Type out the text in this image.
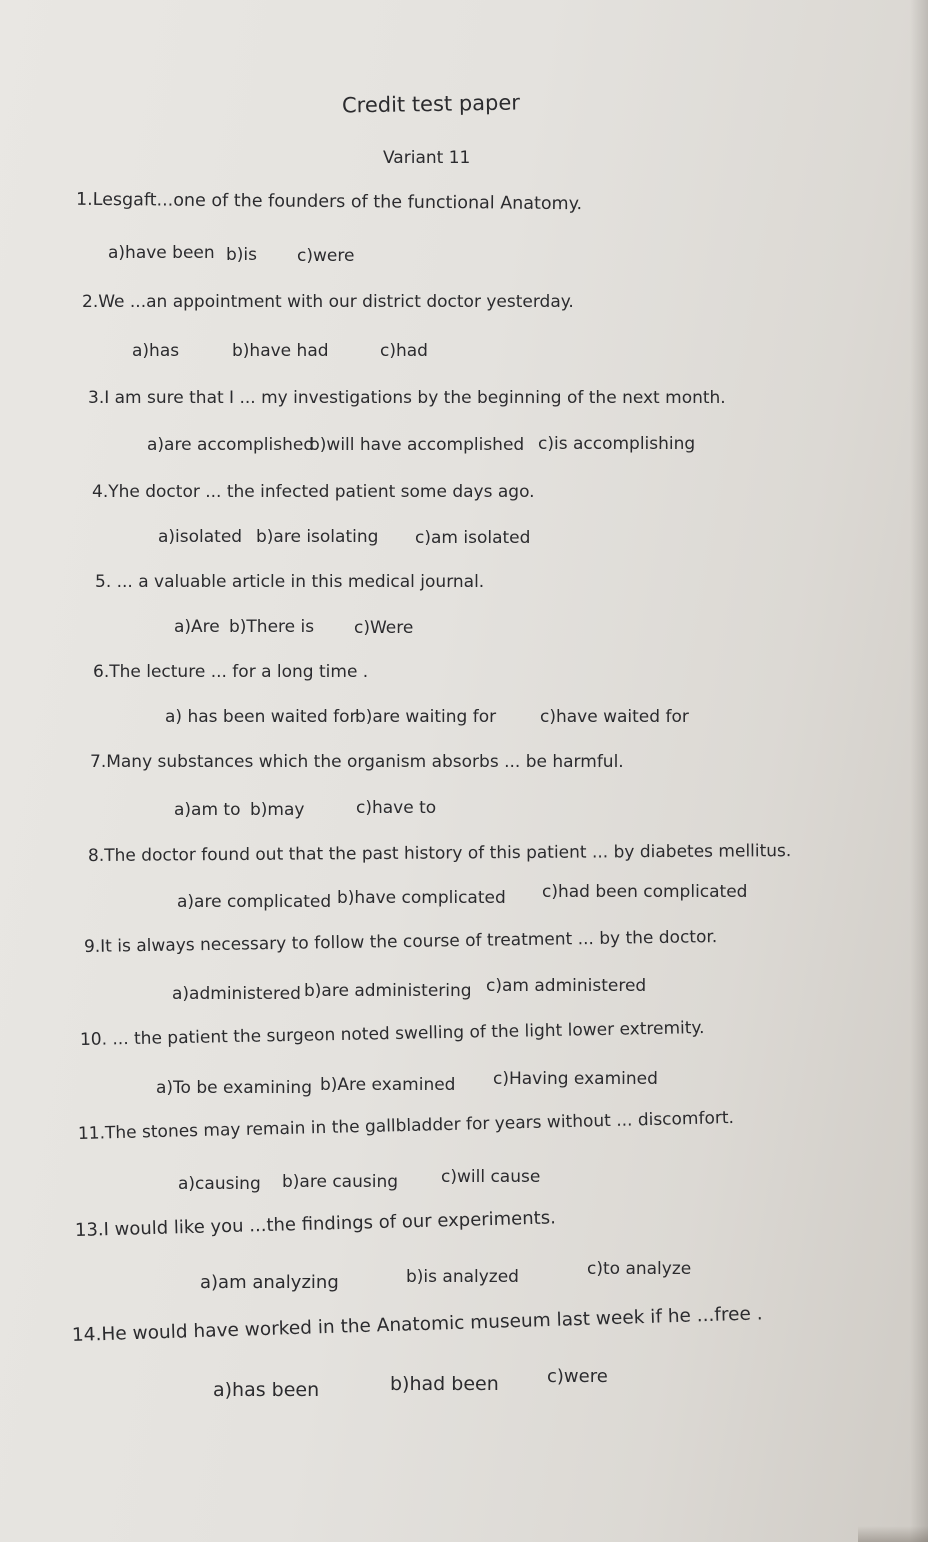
Credit test paper
Variant 11
1.Lesgaft...one of the founders of the functional Anatomy.
a)have been b)is c)were
2.We ...an appointment with our district doctor yesterday.
a)has	b)have had	c)had
3.I am sure that I ... my investigations by the beginning of the next month.
a)are accomplished
b)will have accomplished c)is accomplishing
4.Yhe doctor ... the infected patient some days ago.
a)isolated b)are isolating c)am isolated
5. ... a valuable article in this medical journal.
a)Are b)There is c)Were
6.The lecture ... for a long time .
a) has been waited for
b)are waiting for	c)have waited for
7.Many substances which the organism absorbs ... be harmful.
a)am to b)may	c)have to
8.The doctor found out that the past history of this patient ... by diabetes mellitus.
a)are complicated b)have complicated c)had been complicated
9.It is always necessary to follow the course of treatment ... by the doctor.
a)administered b)are administering c)am administered
10. ... the patient the surgeon noted swelling of the light lower extremity.
a)To be examining b)Are examined c)Having examined
11.The stones may remain in the gallbladder for years without ... discomfort.
a)causing b)are causing	c)will cause
13.I would like you ...the findings of our experiments.
a)am analyzing	b)is analyzed	c)to analyze
14.He would have worked in the Anatomic museum last week if he ...free .
a)has been	b)had been	c)were
